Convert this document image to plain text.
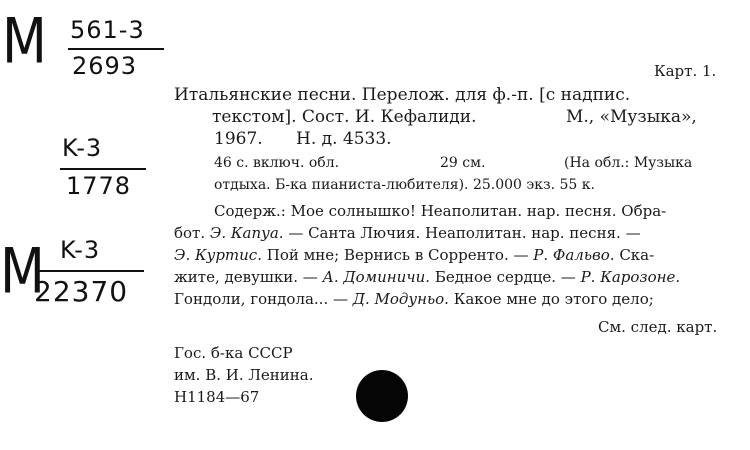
M 561-3
2693
K-3
1778
M K-3
22370
Карт. 1.
Итальянские песни. Перелож. для ф.-п. [с надпис.
текстом]. Сост. И. Кефалиди.	М., «Музыка»,
1967. Н. д. 4533.
46 с. включ. обл.	29 см.	(На обл.: Музыка
отдыха. Б-ка пианиста-любителя). 25.000 экз. 55 к.
Содерж.: Мое солнышко! Неаполитан. нар. песня. Обра-
бот. Э. Капуа. — Санта Лючия. Неаполитан. нар. песня. —
Э. Куртис. Пой мне; Вернись в Сорренто. — Р. Фальво. Ска-
жите, девушки. — А. Доминичи. Бедное сердце. — Р. Карозоне.
Гондоли, гондола... — Д. Модуньо. Какое мне до этого дело;
См. след. карт.
Гос. б-ка СССР
им. В. И. Ленина.
Н1184—67
